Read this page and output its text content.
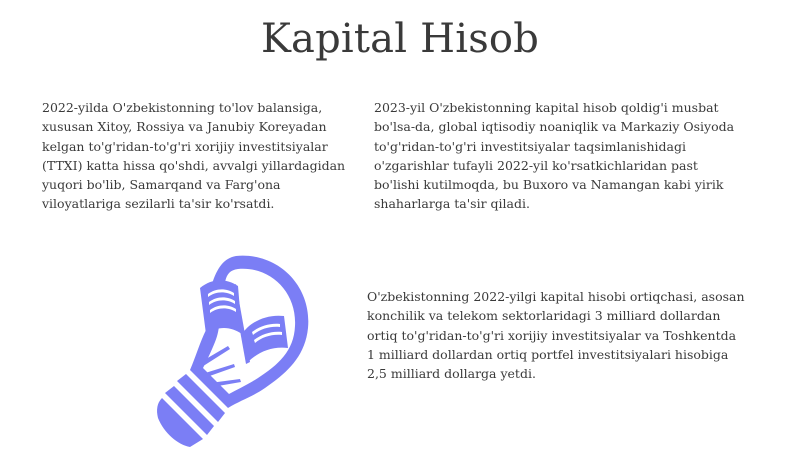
Kapital Hisob

2022-yilda O'zbekistonning to'lov balansiga, xususan Xitoy, Rossiya va Janubiy Koreyadan kelgan to'g'ridan-to'g'ri xorijiy investitsiyalar (TTXI) katta hissa qo'shdi, avvalgi yillardagidan yuqori bo'lib, Samarqand va Farg'ona viloyatlariga sezilarli ta'sir ko'rsatdi.

2023-yil O'zbekistonning kapital hisob qoldig'i musbat bo'lsa-da, global iqtisodiy noaniqlik va Markaziy Osiyoda to'g'ridan-to'g'ri investitsiyalar taqsimlanishidagi o'zgarishlar tufayli 2022-yil ko'rsatkichlaridan past bo'lishi kutilmoqda, bu Buxoro va Namangan kabi yirik shaharlarga ta'sir qiladi.

O'zbekistonning 2022-yilgi kapital hisobi ortiqchasi, asosan konchilik va telekom sektorlaridagi 3 milliard dollardan ortiq to'g'ridan-to'g'ri xorijiy investitsiyalar va Toshkentda 1 milliard dollardan ortiq portfel investitsiyalari hisobiga 2,5 milliard dollarga yetdi.
